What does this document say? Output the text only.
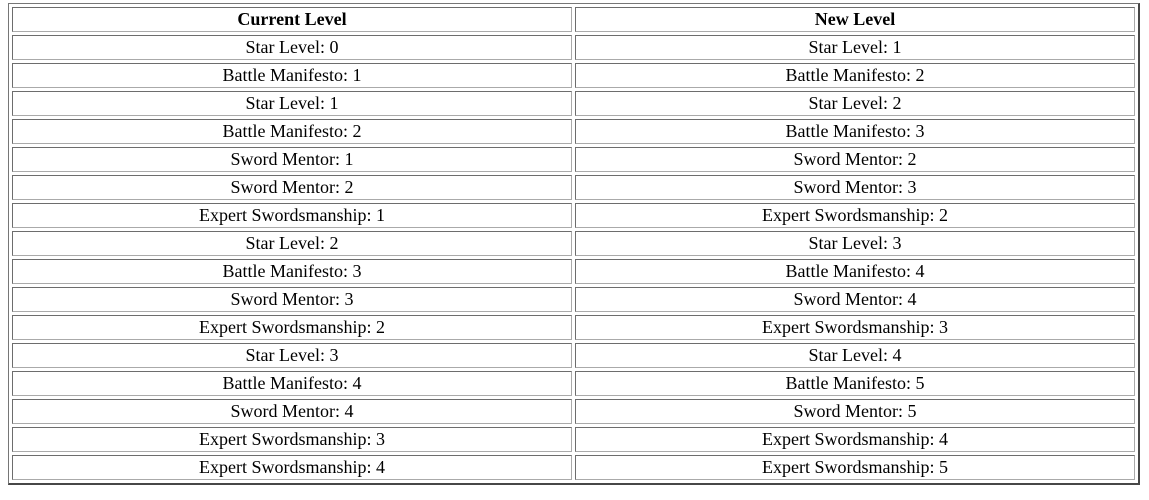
Current Level	New Level
Star Level: 0	Star Level: 1
Battle Manifesto: 1	Battle Manifesto: 2
Star Level: 1	Star Level: 2
Battle Manifesto: 2	Battle Manifesto: 3
Sword Mentor: 1	Sword Mentor: 2
Sword Mentor: 2	Sword Mentor: 3
Expert Swordsmanship: 1	Expert Swordsmanship: 2
Star Level: 2	Star Level: 3
Battle Manifesto: 3	Battle Manifesto: 4
Sword Mentor: 3	Sword Mentor: 4
Expert Swordsmanship: 2	Expert Swordsmanship: 3
Star Level: 3	Star Level: 4
Battle Manifesto: 4	Battle Manifesto: 5
Sword Mentor: 4	Sword Mentor: 5
Expert Swordsmanship: 3	Expert Swordsmanship: 4
Expert Swordsmanship: 4	Expert Swordsmanship: 5
